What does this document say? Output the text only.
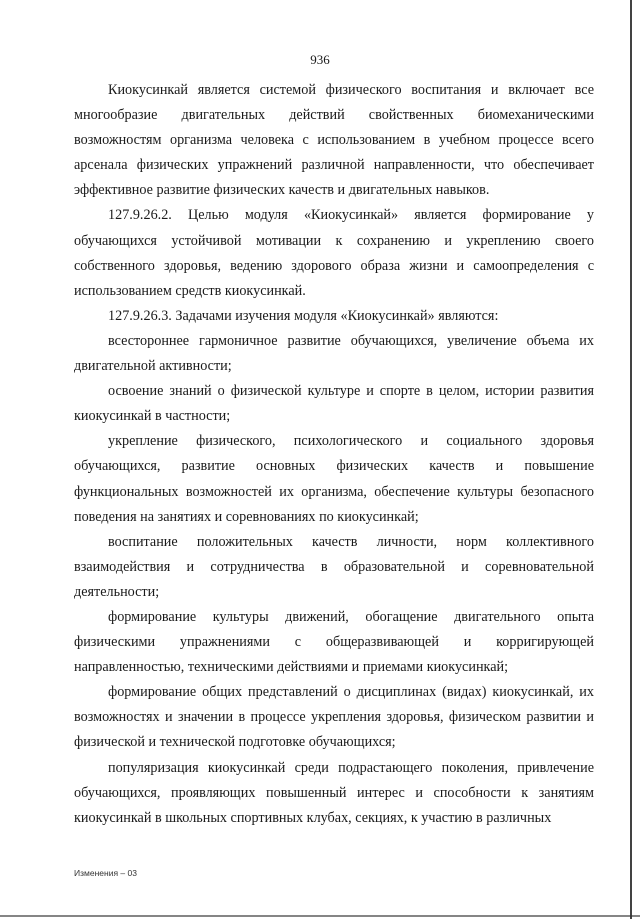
936

Киокусинкай является системой физического воспитания и включает все многообразие двигательных действий свойственных биомеханическими возможностям организма человека с использованием в учебном процессе всего арсенала физических упражнений различной направленности, что обеспечивает эффективное развитие физических качеств и двигательных навыков.

127.9.26.2. Целью модуля «Киокусинкай» является формирование у обучающихся устойчивой мотивации к сохранению и укреплению своего собственного здоровья, ведению здорового образа жизни и самоопределения с использованием средств киокусинкай.

127.9.26.3. Задачами изучения модуля «Киокусинкай» являются:

всестороннее гармоничное развитие обучающихся, увеличение объема их двигательной активности;

освоение знаний о физической культуре и спорте в целом, истории развития киокусинкай в частности;

укрепление физического, психологического и социального здоровья обучающихся, развитие основных физических качеств и повышение функциональных возможностей их организма, обеспечение культуры безопасного поведения на занятиях и соревнованиях по киокусинкай;

воспитание положительных качеств личности, норм коллективного взаимодействия и сотрудничества в образовательной и соревновательной деятельности;

формирование культуры движений, обогащение двигательного опыта физическими упражнениями с общеразвивающей и корригирующей направленностью, техническими действиями и приемами киокусинкай;

формирование общих представлений о дисциплинах (видах) киокусинкай, их возможностях и значении в процессе укрепления здоровья, физическом развитии и физической и технической подготовке обучающихся;

популяризация киокусинкай среди подрастающего поколения, привлечение обучающихся, проявляющих повышенный интерес и способности к занятиям киокусинкай в школьных спортивных клубах, секциях, к участию в различных

Изменения – 03
